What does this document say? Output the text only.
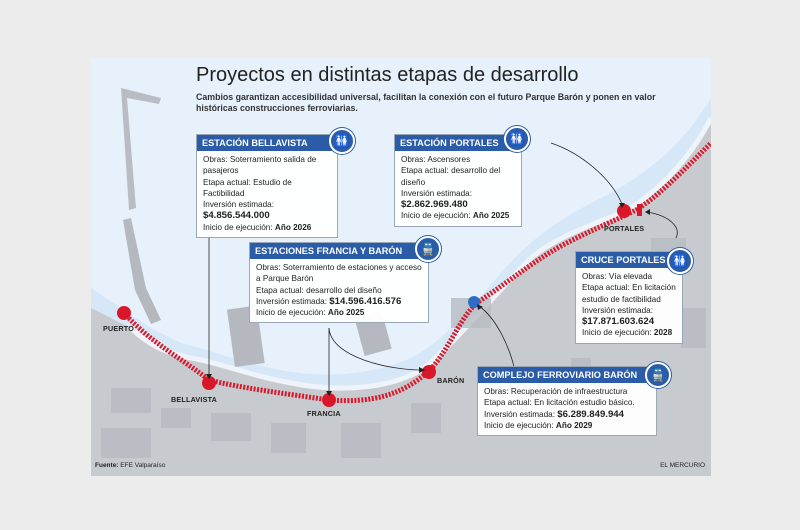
Proyectos en distintas etapas de desarrollo
Cambios garantizan accesibilidad universal, facilitan la conexión con el futuro Parque Barón y ponen en valor históricas construcciones ferroviarias.
ESTACIÓN BELLAVISTA
Obras: Soterramiento salida de pasajeros
Etapa actual: Estudio de Factibilidad
Inversión estimada:
$4.856.544.000
Inicio de ejecución: Año 2026
🚻	ESTACIÓN PORTALES
Obras: Ascensores
Etapa actual: desarrollo del diseño
Inversión estimada:
$2.862.969.480
Inicio de ejecución: Año 2025
🚻
ESTACIONES FRANCIA Y BARÓN
Obras: Soterramiento de estaciones y acceso a Parque Barón
Etapa actual: desarrollo del diseño
Inversión estimada: $14.596.416.576
Inicio de ejecución: Año 2025
🚆
CRUCE PORTALES
Obras: Vía elevada
Etapa actual: En licitación estudio de factibilidad
Inversión estimada:
$17.871.603.624
Inicio de ejecución: 2028
🚻
COMPLEJO FERROVIARIO BARÓN
Obras: Recuperación de infraestructura
Etapa actual: En licitación estudio básico.
Inversión estimada: $6.289.849.944
Inicio de ejecución: Año 2029
🚆
PUERTO
BELLAVISTA
FRANCIA
BARÓN
PORTALES
Fuente: EFE Valparaíso	EL MERCURIO
